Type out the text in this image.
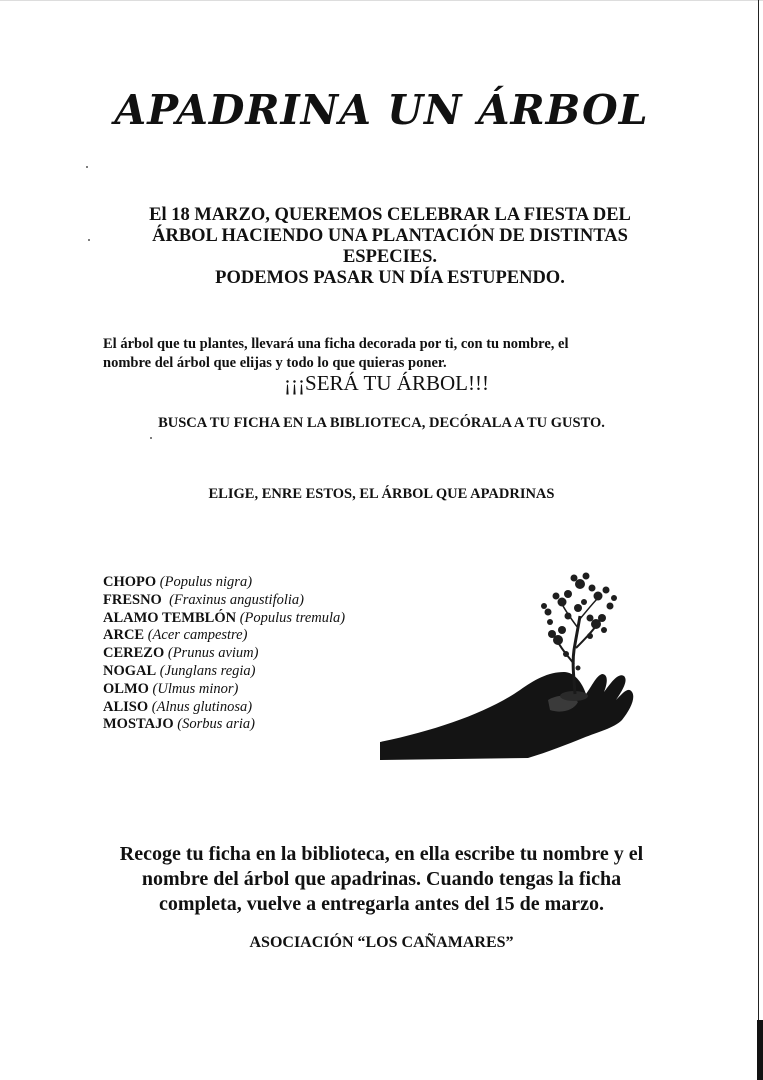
APADRINA UN ÁRBOL
El 18 MARZO, QUEREMOS CELEBRAR LA FIESTA DEL
ÁRBOL HACIENDO UNA PLANTACIÓN DE DISTINTAS
ESPECIES.
PODEMOS PASAR UN DÍA ESTUPENDO.
El árbol que tu plantes, llevará una ficha decorada por ti, con tu nombre, el
nombre del árbol que elijas y todo lo que quieras poner.
¡¡¡SERÁ TU ÁRBOL!!!
BUSCA TU FICHA EN LA BIBLIOTECA, DECÓRALA A TU GUSTO.
ELIGE, ENRE ESTOS, EL ÁRBOL QUE APADRINAS
CHOPO (Populus nigra)
FRESNO (Fraxinus angustifolia)
ALAMO TEMBLÓN (Populus tremula)
ARCE (Acer campestre)
CEREZO (Prunus avium)
NOGAL (Junglans regia)
OLMO (Ulmus minor)
ALISO (Alnus glutinosa)
MOSTAJO (Sorbus aria)
Recoge tu ficha en la biblioteca, en ella escribe tu nombre y el
nombre del árbol que apadrinas. Cuando tengas la ficha
completa, vuelve a entregarla antes del 15 de marzo.
ASOCIACIÓN “LOS CAÑAMARES”
